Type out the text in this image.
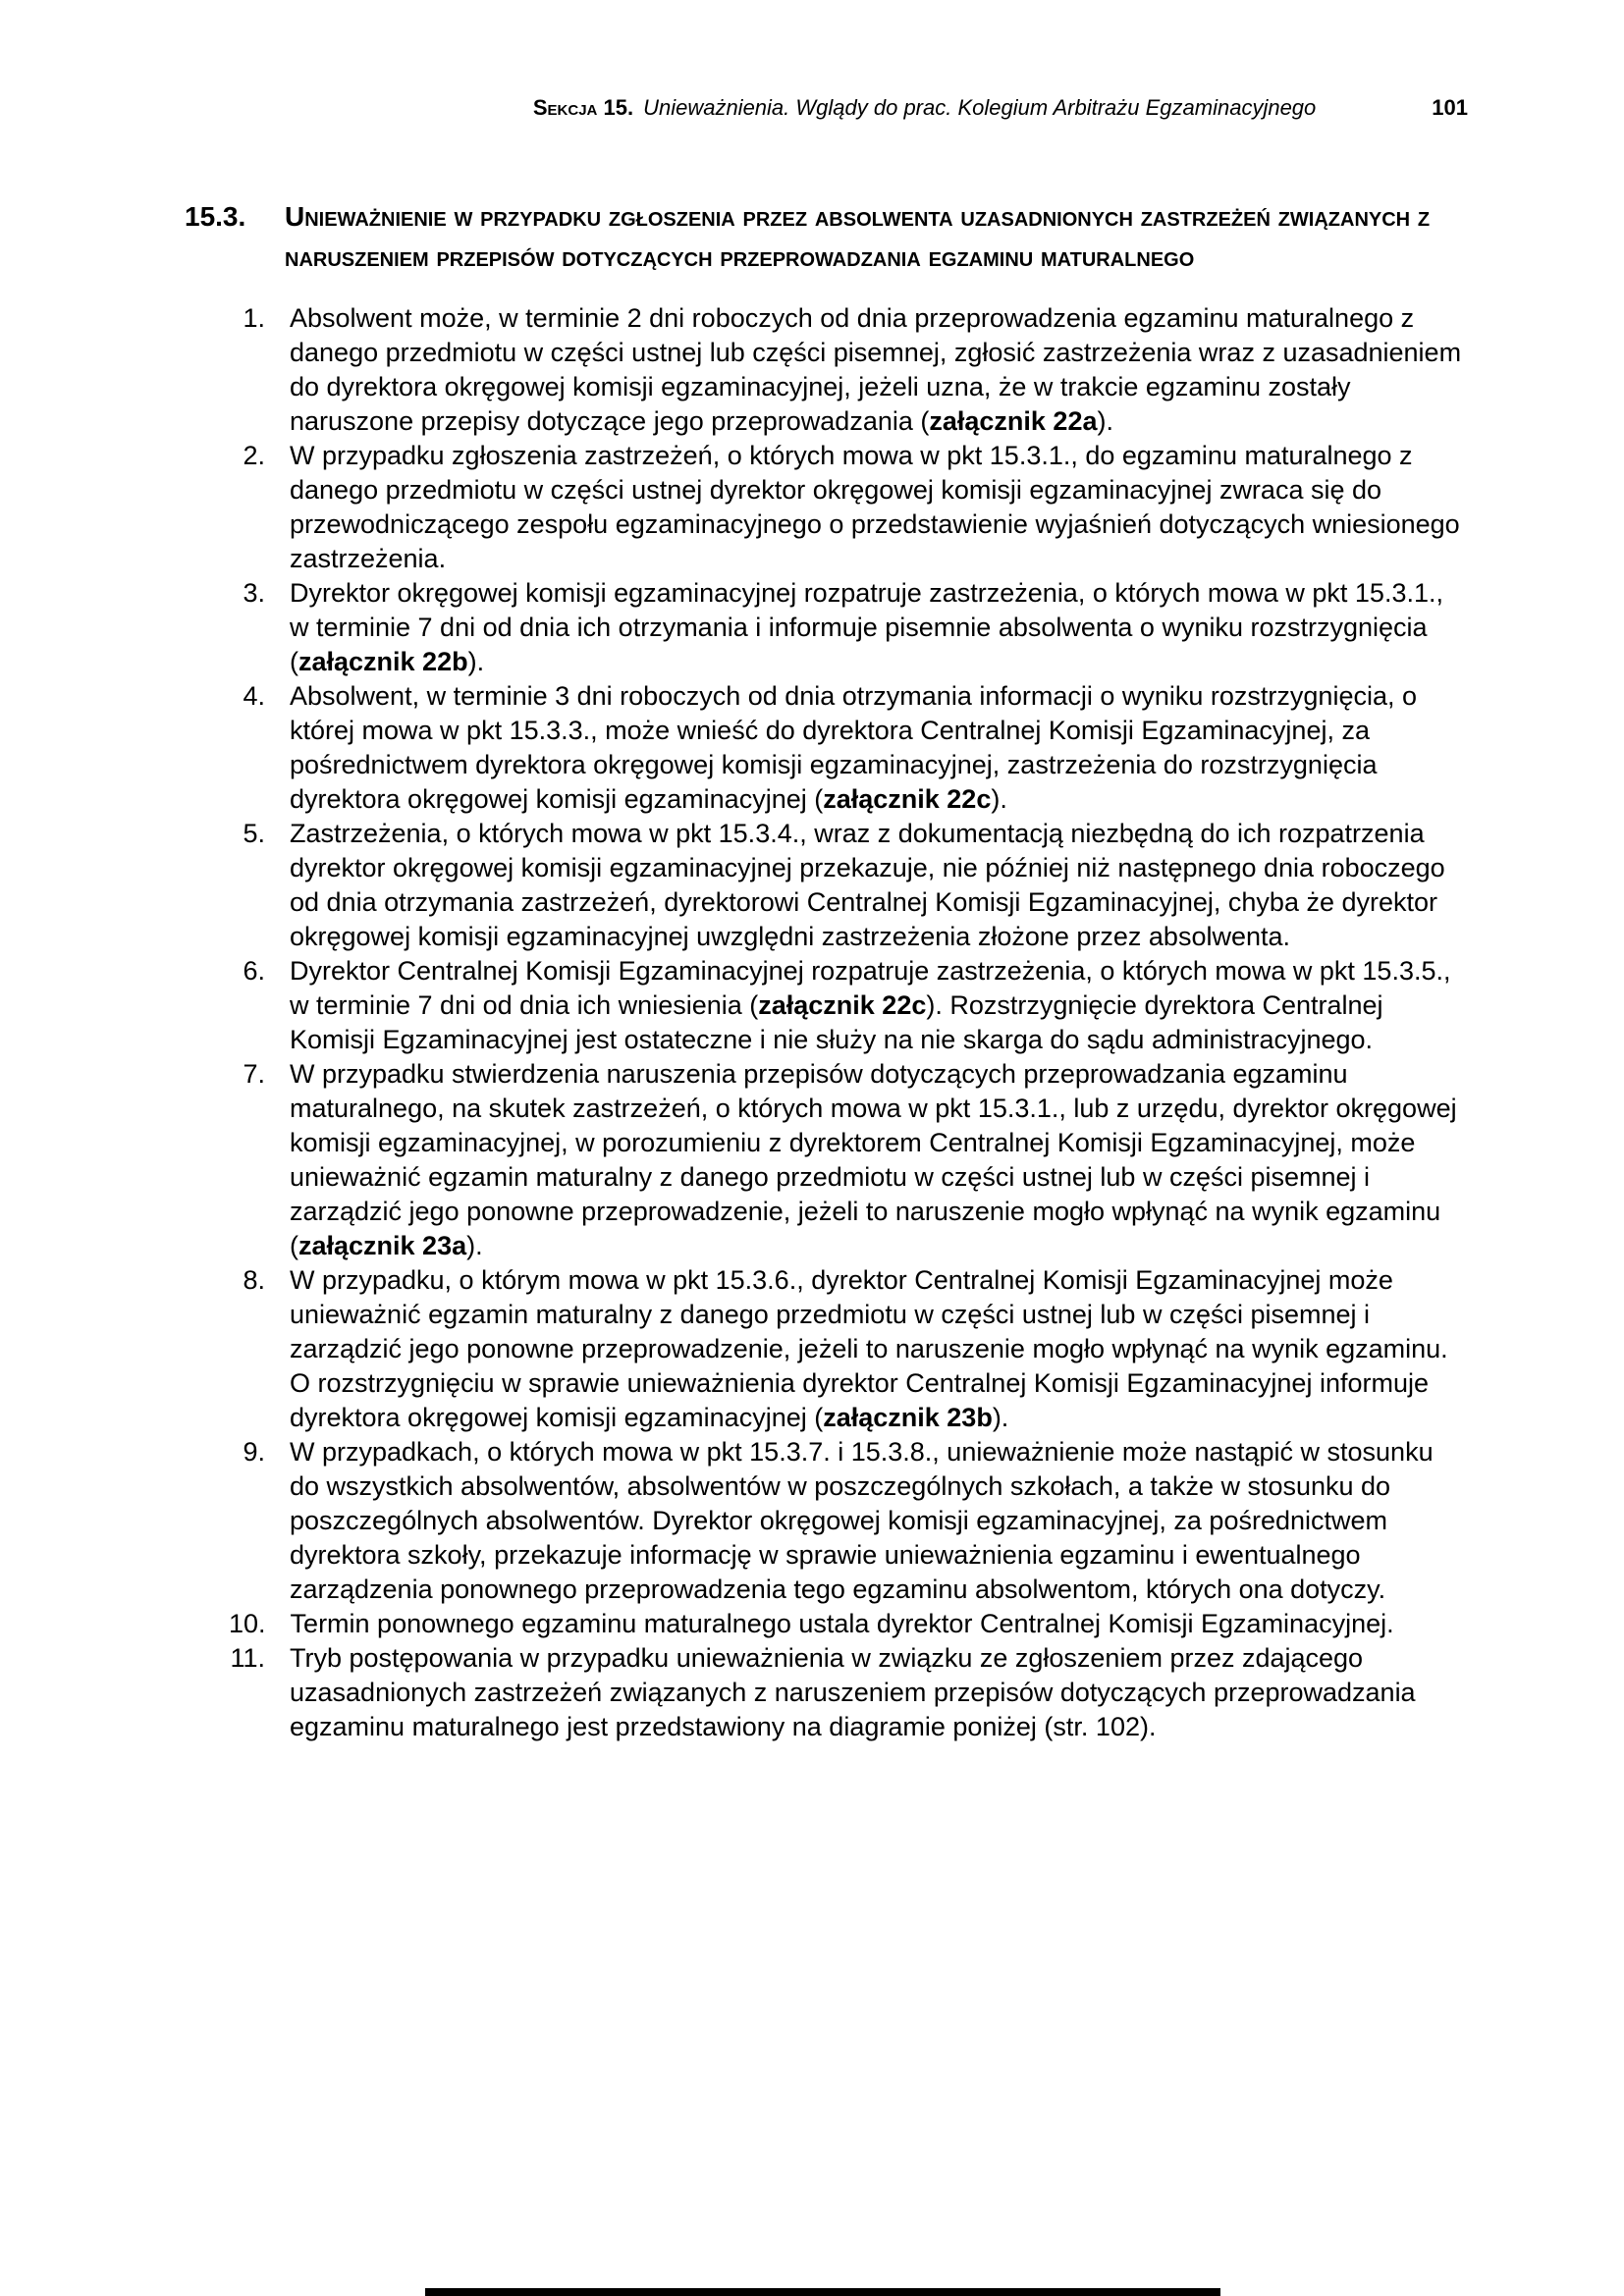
Sekcja 15. Unieważnienia. Wglądy do prac. Kolegium Arbitrażu Egzaminacyjnego	101
15.3.	Unieważnienie w przypadku zgłoszenia przez absolwenta uzasadnionych zastrzeżeń związanych z naruszeniem przepisów dotyczących przeprowadzania egzaminu maturalnego
1. Absolwent może, w terminie 2 dni roboczych od dnia przeprowadzenia egzaminu maturalnego z danego przedmiotu w części ustnej lub części pisemnej, zgłosić zastrzeżenia wraz z uzasadnieniem do dyrektora okręgowej komisji egzaminacyjnej, jeżeli uzna, że w trakcie egzaminu zostały naruszone przepisy dotyczące jego przeprowadzania (załącznik 22a).
2. W przypadku zgłoszenia zastrzeżeń, o których mowa w pkt 15.3.1., do egzaminu maturalnego z danego przedmiotu w części ustnej dyrektor okręgowej komisji egzaminacyjnej zwraca się do przewodniczącego zespołu egzaminacyjnego o przedstawienie wyjaśnień dotyczących wniesionego zastrzeżenia.
3. Dyrektor okręgowej komisji egzaminacyjnej rozpatruje zastrzeżenia, o których mowa w pkt 15.3.1., w terminie 7 dni od dnia ich otrzymania i informuje pisemnie absolwenta o wyniku rozstrzygnięcia (załącznik 22b).
4. Absolwent, w terminie 3 dni roboczych od dnia otrzymania informacji o wyniku rozstrzygnięcia, o której mowa w pkt 15.3.3., może wnieść do dyrektora Centralnej Komisji Egzaminacyjnej, za pośrednictwem dyrektora okręgowej komisji egzaminacyjnej, zastrzeżenia do rozstrzygnięcia dyrektora okręgowej komisji egzaminacyjnej (załącznik 22c).
5. Zastrzeżenia, o których mowa w pkt 15.3.4., wraz z dokumentacją niezbędną do ich rozpatrzenia dyrektor okręgowej komisji egzaminacyjnej przekazuje, nie później niż następnego dnia roboczego od dnia otrzymania zastrzeżeń, dyrektorowi Centralnej Komisji Egzaminacyjnej, chyba że dyrektor okręgowej komisji egzaminacyjnej uwzględni zastrzeżenia złożone przez absolwenta.
6. Dyrektor Centralnej Komisji Egzaminacyjnej rozpatruje zastrzeżenia, o których mowa w pkt 15.3.5., w terminie 7 dni od dnia ich wniesienia (załącznik 22c). Rozstrzygnięcie dyrektora Centralnej Komisji Egzaminacyjnej jest ostateczne i nie służy na nie skarga do sądu administracyjnego.
7. W przypadku stwierdzenia naruszenia przepisów dotyczących przeprowadzania egzaminu maturalnego, na skutek zastrzeżeń, o których mowa w pkt 15.3.1., lub z urzędu, dyrektor okręgowej komisji egzaminacyjnej, w porozumieniu z dyrektorem Centralnej Komisji Egzaminacyjnej, może unieważnić egzamin maturalny z danego przedmiotu w części ustnej lub w części pisemnej i zarządzić jego ponowne przeprowadzenie, jeżeli to naruszenie mogło wpłynąć na wynik egzaminu (załącznik 23a).
8. W przypadku, o którym mowa w pkt 15.3.6., dyrektor Centralnej Komisji Egzaminacyjnej może unieważnić egzamin maturalny z danego przedmiotu w części ustnej lub w części pisemnej i zarządzić jego ponowne przeprowadzenie, jeżeli to naruszenie mogło wpłynąć na wynik egzaminu. O rozstrzygnięciu w sprawie unieważnienia dyrektor Centralnej Komisji Egzaminacyjnej informuje dyrektora okręgowej komisji egzaminacyjnej (załącznik 23b).
9. W przypadkach, o których mowa w pkt 15.3.7. i 15.3.8., unieważnienie może nastąpić w stosunku do wszystkich absolwentów, absolwentów w poszczególnych szkołach, a także w stosunku do poszczególnych absolwentów. Dyrektor okręgowej komisji egzaminacyjnej, za pośrednictwem dyrektora szkoły, przekazuje informację w sprawie unieważnienia egzaminu i ewentualnego zarządzenia ponownego przeprowadzenia tego egzaminu absolwentom, których ona dotyczy.
10. Termin ponownego egzaminu maturalnego ustala dyrektor Centralnej Komisji Egzaminacyjnej.
11. Tryb postępowania w przypadku unieważnienia w związku ze zgłoszeniem przez zdającego uzasadnionych zastrzeżeń związanych z naruszeniem przepisów dotyczących przeprowadzania egzaminu maturalnego jest przedstawiony na diagramie poniżej (str. 102).
